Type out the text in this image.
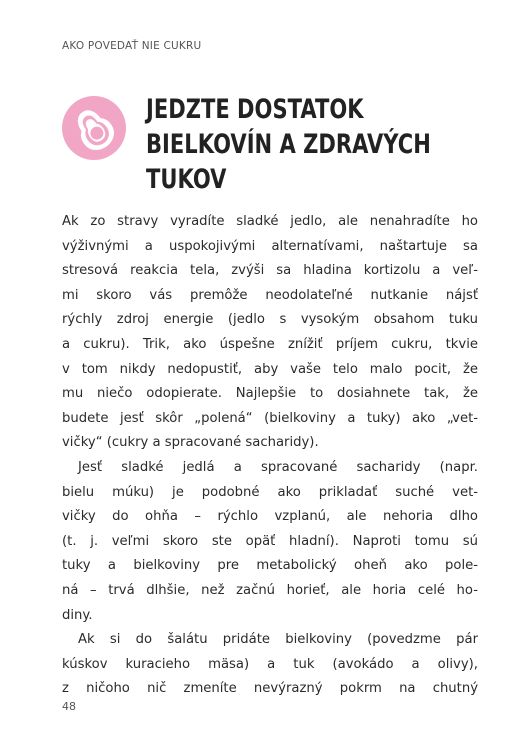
AKO POVEDAŤ NIE CUKRU
JEDZTE DOSTATOK
BIELKOVÍN A ZDRAVÝCH
TUKOV
Ak zo stravy vyradíte sladké jedlo, ale nenahradíte ho
výživnými a uspokojivými alternatívami, naštartuje sa
stresová reakcia tela, zvýši sa hladina kortizolu a veľ-
mi skoro vás premôže neodolateľné nutkanie nájsť
rýchly zdroj energie (jedlo s vysokým obsahom tuku
a cukru). Trik, ako úspešne znížiť príjem cukru, tkvie
v tom nikdy nedopustiť, aby vaše telo malo pocit, že
mu niečo odopierate. Najlepšie to dosiahnete tak, že
budete jesť skôr „polená“ (bielkoviny a tuky) ako „vet-
vičky“ (cukry a spracované sacharidy).
Jesť sladké jedlá a spracované sacharidy (napr.
bielu múku) je podobné ako prikladať suché vet-
vičky do ohňa – rýchlo vzplanú, ale nehoria dlho
(t. j. veľmi skoro ste opäť hladní). Naproti tomu sú
tuky a bielkoviny pre metabolický oheň ako pole-
ná – trvá dlhšie, než začnú horieť, ale horia celé ho-
diny.
Ak si do šalátu pridáte bielkoviny (povedzme pár
kúskov kuracieho mäsa) a tuk (avokádo a olivy),
z ničoho nič zmeníte nevýrazný pokrm na chutný
48
